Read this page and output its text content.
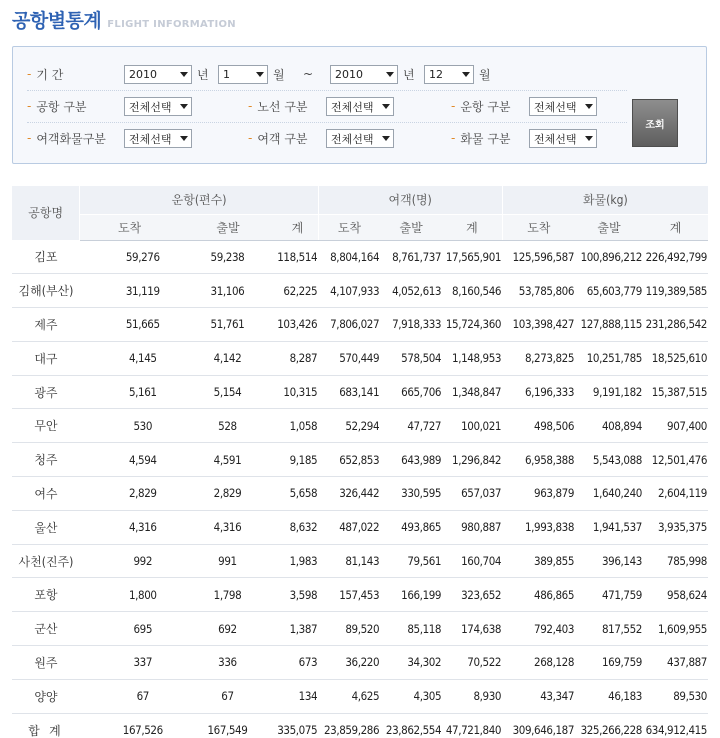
공항별통계 FLIGHT INFORMATION
- 기 간	2010	년 1	월 ~ 2010	년 12	월
- 공항 구분	전체선택	- 노선 구분 전체선택	- 운항 구분 전체선택
- 여객화물구분 전체선택	- 여객 구분 전체선택	- 화물 구분 전체선택
조회
공항명	운항(편수)			여객(명)			화물(kg)		
	도착	출발	계	도착	출발	계	도착	출발	계
김포	59,276	59,238	118,514	8,804,164	8,761,737	17,565,901	125,596,587	100,896,212	226,492,799
김해(부산)	31,119	31,106	62,225	4,107,933	4,052,613	8,160,546	53,785,806	65,603,779	119,389,585
제주	51,665	51,761	103,426	7,806,027	7,918,333	15,724,360	103,398,427	127,888,115	231,286,542
대구	4,145	4,142	8,287	570,449	578,504	1,148,953	8,273,825	10,251,785	18,525,610
광주	5,161	5,154	10,315	683,141	665,706	1,348,847	6,196,333	9,191,182	15,387,515
무안	530	528	1,058	52,294	47,727	100,021	498,506	408,894	907,400
청주	4,594	4,591	9,185	652,853	643,989	1,296,842	6,958,388	5,543,088	12,501,476
여수	2,829	2,829	5,658	326,442	330,595	657,037	963,879	1,640,240	2,604,119
울산	4,316	4,316	8,632	487,022	493,865	980,887	1,993,838	1,941,537	3,935,375
사천(진주)	992	991	1,983	81,143	79,561	160,704	389,855	396,143	785,998
포항	1,800	1,798	3,598	157,453	166,199	323,652	486,865	471,759	958,624
군산	695	692	1,387	89,520	85,118	174,638	792,403	817,552	1,609,955
원주	337	336	673	36,220	34,302	70,522	268,128	169,759	437,887
양양	67	67	134	4,625	4,305	8,930	43,347	46,183	89,530
합 계	167,526	167,549	335,075	23,859,286	23,862,554	47,721,840	309,646,187	325,266,228	634,912,415
